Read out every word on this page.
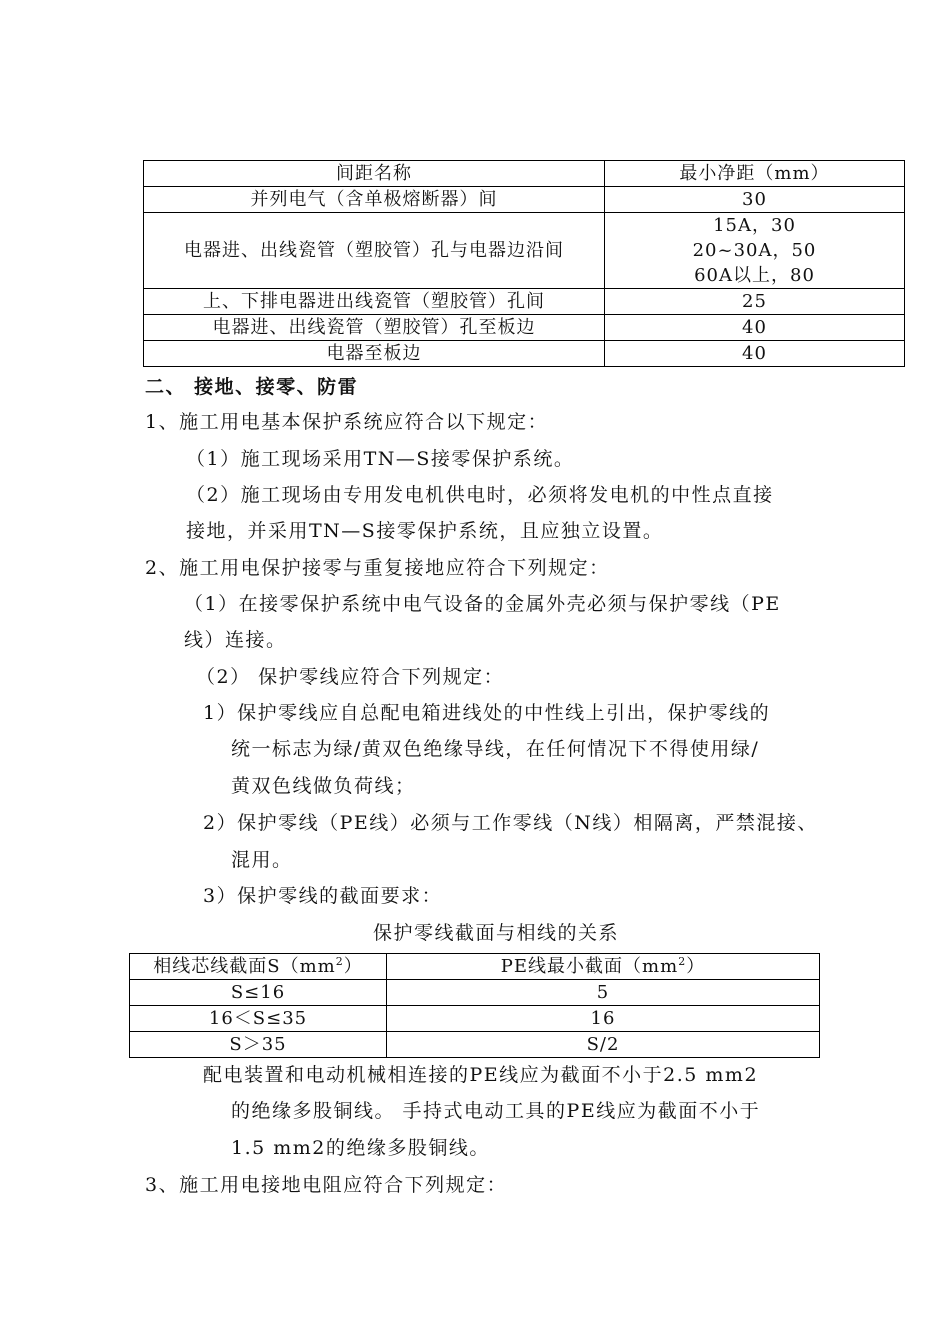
间距名称	最小净距（mm）
并列电气（含单极熔断器）间	30
电器进、出线瓷管（塑胶管）孔与电器边沿间	15A，30
20~30A，50
60A以上，80

上、下排电器进出线瓷管（塑胶管）孔间	25
电器进、出线瓷管（塑胶管）孔至板边	40
电器至板边	40
二、 接地、接零、防雷
1、施工用电基本保护系统应符合以下规定：
（1）施工现场采用TN—S接零保护系统。
（2）施工现场由专用发电机供电时，必须将发电机的中性点直接
接地，并采用TN—S接零保护系统，且应独立设置。
2、施工用电保护接零与重复接地应符合下列规定：
（1）在接零保护系统中电气设备的金属外壳必须与保护零线（PE
线）连接。
（2） 保护零线应符合下列规定：
1）保护零线应自总配电箱进线处的中性线上引出，保护零线的
统一标志为绿/黄双色绝缘导线，在任何情况下不得使用绿/
黄双色线做负荷线；
2）保护零线（PE线）必须与工作零线（N线）相隔离，严禁混接、
混用。
3）保护零线的截面要求：
保护零线截面与相线的关系
相线芯线截面$S(mm^2)$	PE线最小截面$(mm^2)$
S≤16	5
16＜S≤35	16
S＞35	S/2
配电装置和电动机械相连接的PE线应为截面不小于2.5 mm2
的绝缘多股铜线。 手持式电动工具的PE线应为截面不小于
1.5 mm2的绝缘多股铜线。
3、施工用电接地电阻应符合下列规定：
